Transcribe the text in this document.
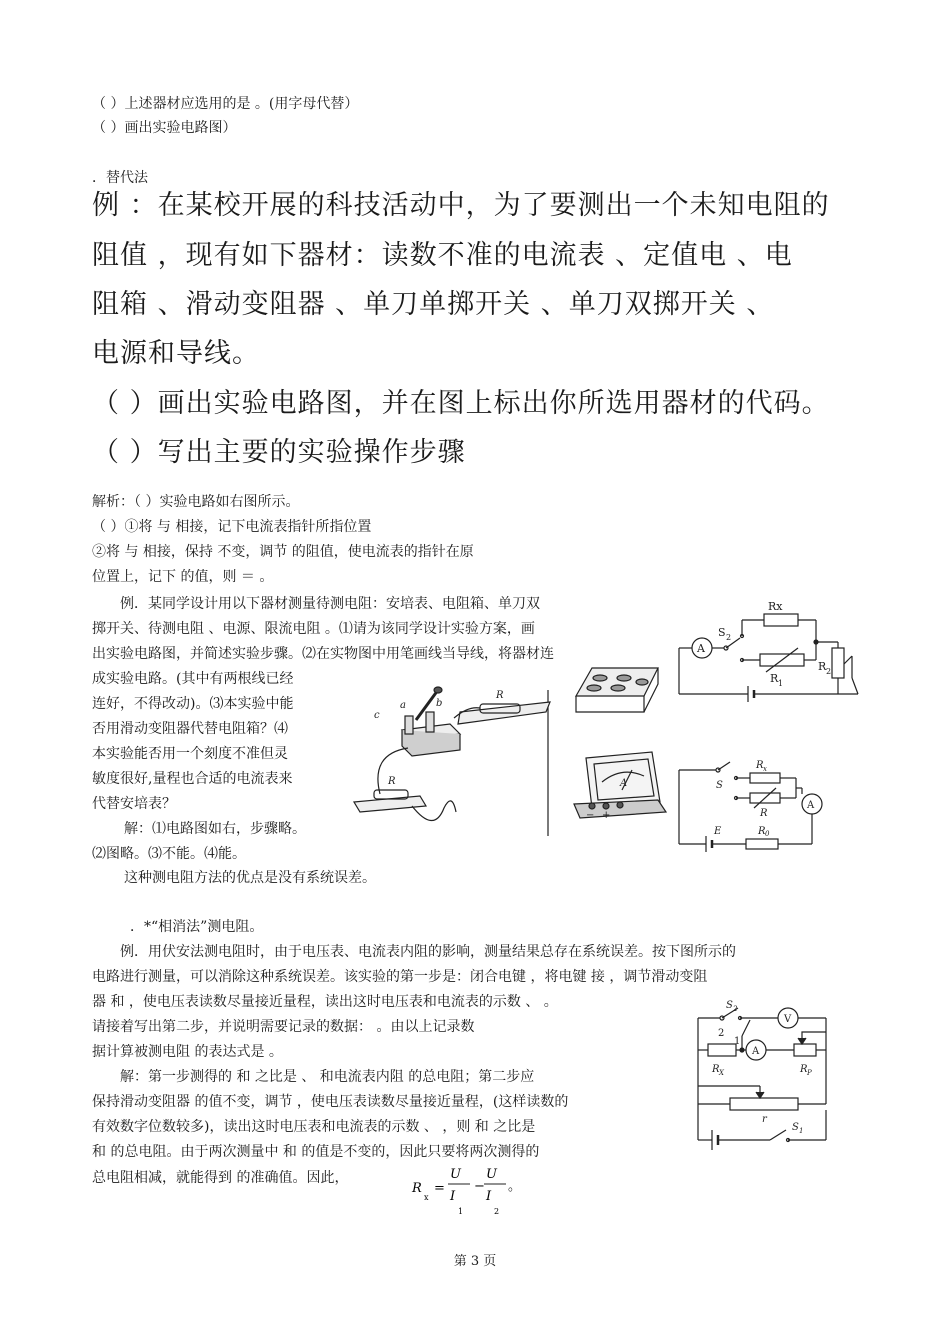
（ ）上述器材应选用的是 。(用字母代替）
（ ）画出实验电路图）
．替代法
例 ：在某校开展的科技活动中，为了要测出一个未知电阻的
阻值 ，现有如下器材：读数不准的电流表 、定值电 、电
阻箱 、滑动变阻器 、单刀单掷开关 、单刀双掷开关 、
电源和导线。
（ ）画出实验电路图，并在图上标出你所选用器材的代码。
（ ）写出主要的实验操作步骤
解析：（ ）实验电路如右图所示。
（ ）①将 与 相接，记下电流表指针所指位置
②将 与 相接，保持 不变，调节 的阻值，使电流表的指针在原
位置上，记下 的值，则 ＝ 。
例．某同学设计用以下器材测量待测电阻：安培表、电阻箱、单刀双
掷开关、待测电阻 、电源、限流电阻 。⑴请为该同学设计实验方案，画
出实验电路图，并简述实验步骤。⑵在实物图中用笔画线当导线，将器材连
成实验电路。(其中有两根线已经
连好，不得改动)。⑶本实验中能
否用滑动变阻器代替电阻箱？⑷
本实验能否用一个刻度不准但灵
敏度很好,量程也合适的电流表来
代替安培表？
解：⑴电路图如右，步骤略。
⑵图略。⑶不能。⑷能。
这种测电阻方法的优点是没有系统误差。
．*“相消法”测电阻。
例．用伏安法测电阻时，由于电压表、电流表内阻的影响，测量结果总存在系统误差。按下图所示的
电路进行测量，可以消除这种系统误差。该实验的第一步是：闭合电键 ，将电键 接 ，调节滑动变阻
器 和 ，使电压表读数尽量接近量程，读出这时电压表和电流表的示数 、 。
请接着写出第二步，并说明需要记录的数据： 。由以上记录数
据计算被测电阻 的表达式是 。
解：第一步测得的 和 之比是 、 和电流表内阻 的总电阻；第二步应
保持滑动变阻器 的值不变，调节 ，使电压表读数尽量接近量程，(这样读数的
有效数字位数较多)，读出这时电压表和电流表的示数 、 ，则 和 之比是
和 的总电阻。由于两次测量中 和 的值是不变的，因此只要将两次测得的
总电阻相减，就能得到 的准确值。因此，
R
x
=
U
I
1
−
U
I
2
。
A
Rx
S 2
R 1
R 2
S
R x
R
A
E	R 0
a	b
c
R
R	A
+
−
S 2
2
1
V
A
R X	R P
r
S 1
第 3 页
